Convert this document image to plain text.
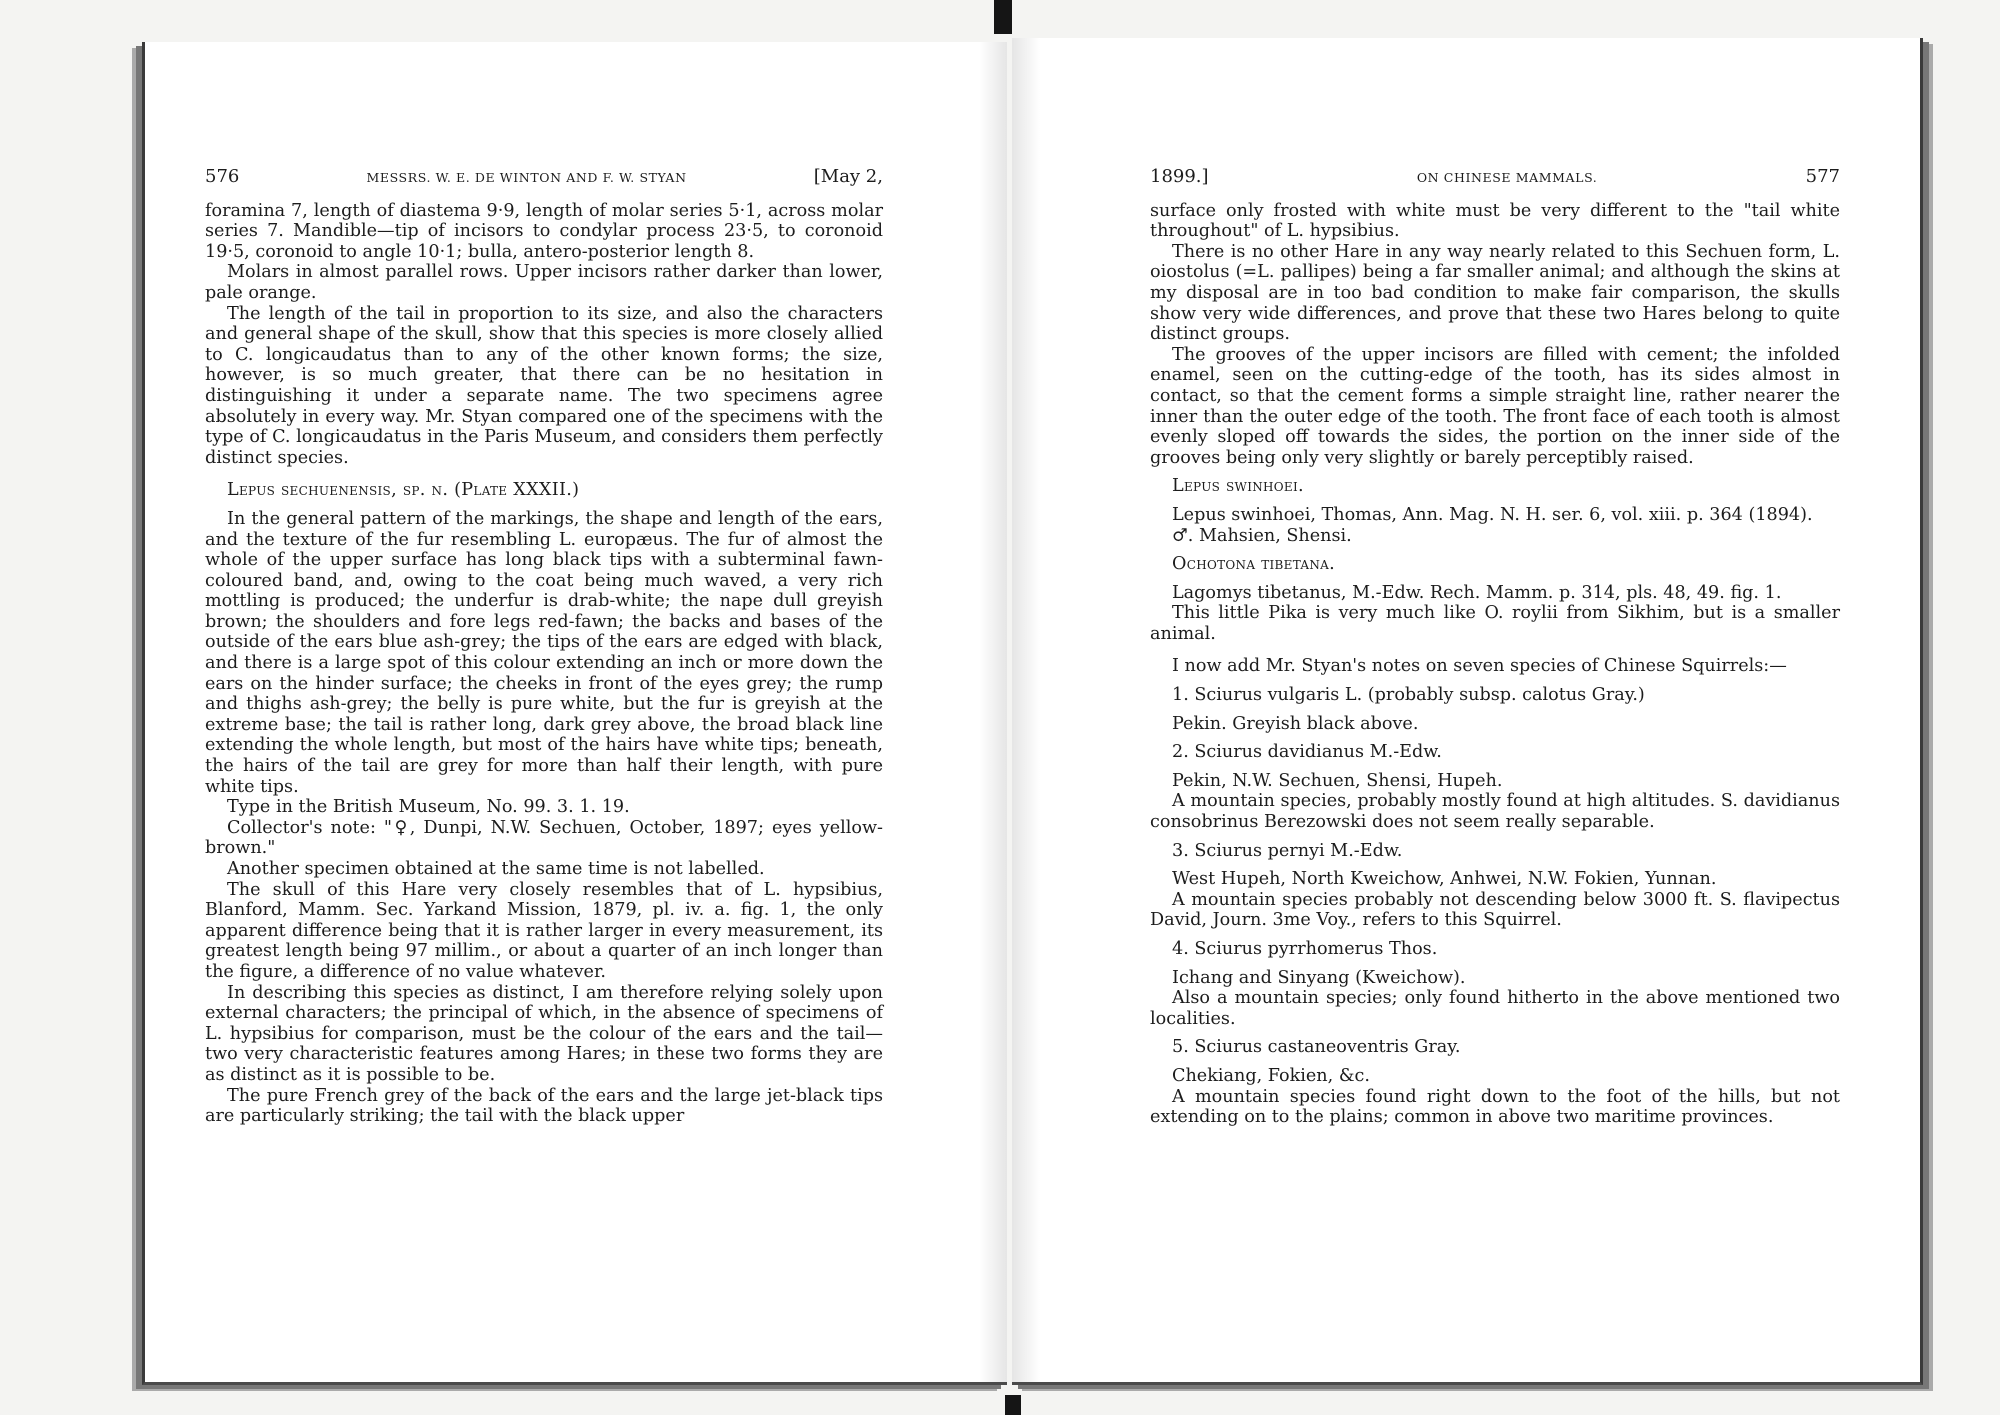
576	MESSRS. W. E. DE WINTON AND F. W. STYAN	[May 2,

foramina 7, length of diastema 9·9, length of molar series 5·1, across molar series 7. Mandible—tip of incisors to condylar process 23·5, to coronoid 19·5, coronoid to angle 10·1; bulla, antero-posterior length 8.

Molars in almost parallel rows. Upper incisors rather darker than lower, pale orange.

The length of the tail in proportion to its size, and also the characters and general shape of the skull, show that this species is more closely allied to C. longicaudatus than to any of the other known forms; the size, however, is so much greater, that there can be no hesitation in distinguishing it under a separate name. The two specimens agree absolutely in every way. Mr. Styan compared one of the specimens with the type of C. longicaudatus in the Paris Museum, and considers them perfectly distinct species.

Lepus sechuenensis, sp. n. (Plate XXXII.)

In the general pattern of the markings, the shape and length of the ears, and the texture of the fur resembling L. europæus. The fur of almost the whole of the upper surface has long black tips with a subterminal fawn-coloured band, and, owing to the coat being much waved, a very rich mottling is produced; the underfur is drab-white; the nape dull greyish brown; the shoulders and fore legs red-fawn; the backs and bases of the outside of the ears blue ash-grey; the tips of the ears are edged with black, and there is a large spot of this colour extending an inch or more down the ears on the hinder surface; the cheeks in front of the eyes grey; the rump and thighs ash-grey; the belly is pure white, but the fur is greyish at the extreme base; the tail is rather long, dark grey above, the broad black line extending the whole length, but most of the hairs have white tips; beneath, the hairs of the tail are grey for more than half their length, with pure white tips.

Type in the British Museum, No. 99. 3. 1. 19.

Collector's note: "♀, Dunpi, N.W. Sechuen, October, 1897; eyes yellow-brown."

Another specimen obtained at the same time is not labelled.

The skull of this Hare very closely resembles that of L. hypsibius, Blanford, Mamm. Sec. Yarkand Mission, 1879, pl. iv. a. fig. 1, the only apparent difference being that it is rather larger in every measurement, its greatest length being 97 millim., or about a quarter of an inch longer than the figure, a difference of no value whatever.

In describing this species as distinct, I am therefore relying solely upon external characters; the principal of which, in the absence of specimens of L. hypsibius for comparison, must be the colour of the ears and the tail—two very characteristic features among Hares; in these two forms they are as distinct as it is possible to be.

The pure French grey of the back of the ears and the large jet-black tips are particularly striking; the tail with the black upper

1899.]	ON CHINESE MAMMALS.	577

surface only frosted with white must be very different to the "tail white throughout" of L. hypsibius.

There is no other Hare in any way nearly related to this Sechuen form, L. oiostolus (=L. pallipes) being a far smaller animal; and although the skins at my disposal are in too bad condition to make fair comparison, the skulls show very wide differences, and prove that these two Hares belong to quite distinct groups.

The grooves of the upper incisors are filled with cement; the infolded enamel, seen on the cutting-edge of the tooth, has its sides almost in contact, so that the cement forms a simple straight line, rather nearer the inner than the outer edge of the tooth. The front face of each tooth is almost evenly sloped off towards the sides, the portion on the inner side of the grooves being only very slightly or barely perceptibly raised.

Lepus swinhoei.

Lepus swinhoei, Thomas, Ann. Mag. N. H. ser. 6, vol. xiii. p. 364 (1894).

♂. Mahsien, Shensi.

Ochotona tibetana.

Lagomys tibetanus, M.-Edw. Rech. Mamm. p. 314, pls. 48, 49. fig. 1.

This little Pika is very much like O. roylii from Sikhim, but is a smaller animal.

I now add Mr. Styan's notes on seven species of Chinese Squirrels:—

1. Sciurus vulgaris L. (probably subsp. calotus Gray.)

Pekin. Greyish black above.

2. Sciurus davidianus M.-Edw.

Pekin, N.W. Sechuen, Shensi, Hupeh.

A mountain species, probably mostly found at high altitudes. S. davidianus consobrinus Berezowski does not seem really separable.

3. Sciurus pernyi M.-Edw.

West Hupeh, North Kweichow, Anhwei, N.W. Fokien, Yunnan.

A mountain species probably not descending below 3000 ft. S. flavipectus David, Journ. 3me Voy., refers to this Squirrel.

4. Sciurus pyrrhomerus Thos.

Ichang and Sinyang (Kweichow).

Also a mountain species; only found hitherto in the above mentioned two localities.

5. Sciurus castaneoventris Gray.

Chekiang, Fokien, &c.

A mountain species found right down to the foot of the hills, but not extending on to the plains; common in above two maritime provinces.
